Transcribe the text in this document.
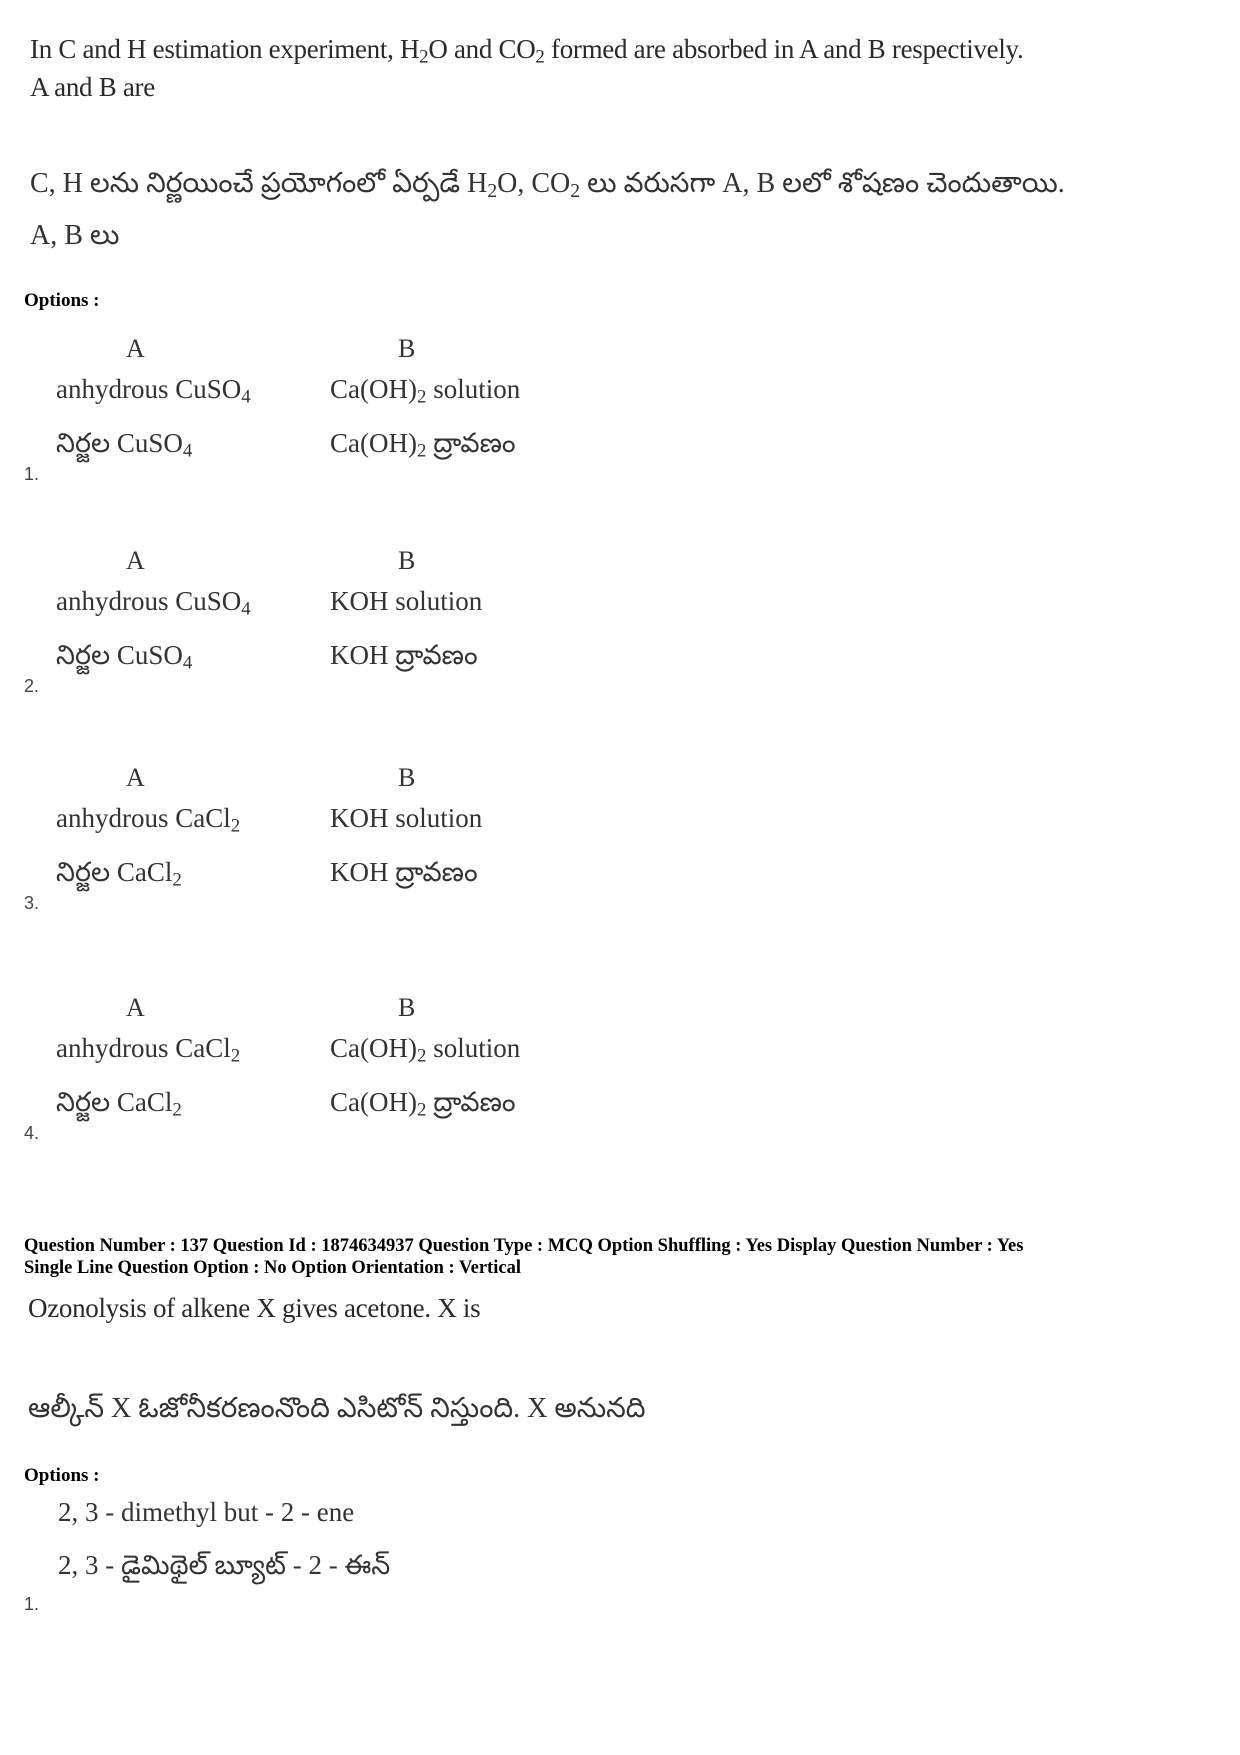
In C and H estimation experiment, $H_2O$ and $CO_2$ formed are absorbed in A and B respectively.
A and B are
C, H లను నిర్ణయించే ప్రయోగంలో ఏర్పడే $H_2O$, $CO_2$ లు వరుసగా A, B లలో శోషణం చెందుతాయి.
A, B లు
Options :
A	B
anhydrous CuSO$_4$	$Ca(OH)_2$ solution
నిర్జల CuSO$_4$	$Ca(OH)_2$ ద్రావణం
1.
A	B
anhydrous CuSO$_4$	KOH solution
నిర్జల CuSO$_4$	KOH ద్రావణం
2.
A	B
anhydrous CaCl$_2$	KOH solution
నిర్జల CaCl$_2$	KOH ద్రావణం
3.
A	B
anhydrous CaCl$_2$	$Ca(OH)_2$ solution
నిర్జల CaCl$_2$	$Ca(OH)_2$ ద్రావణం
4.
Question Number : 137 Question Id : 1874634937 Question Type : MCQ Option Shuffling : Yes Display Question Number : Yes
Single Line Question Option : No Option Orientation : Vertical
Ozonolysis of alkene X gives acetone. X is
ఆల్కీన్ X ఓజోనీకరణంనొంది ఎసిటోన్ నిస్తుంది. X అనునది
Options :
2, 3 - dimethyl but - 2 - ene
2, 3 - డైమిథైల్ బ్యూట్ - 2 - ఈన్
1.
